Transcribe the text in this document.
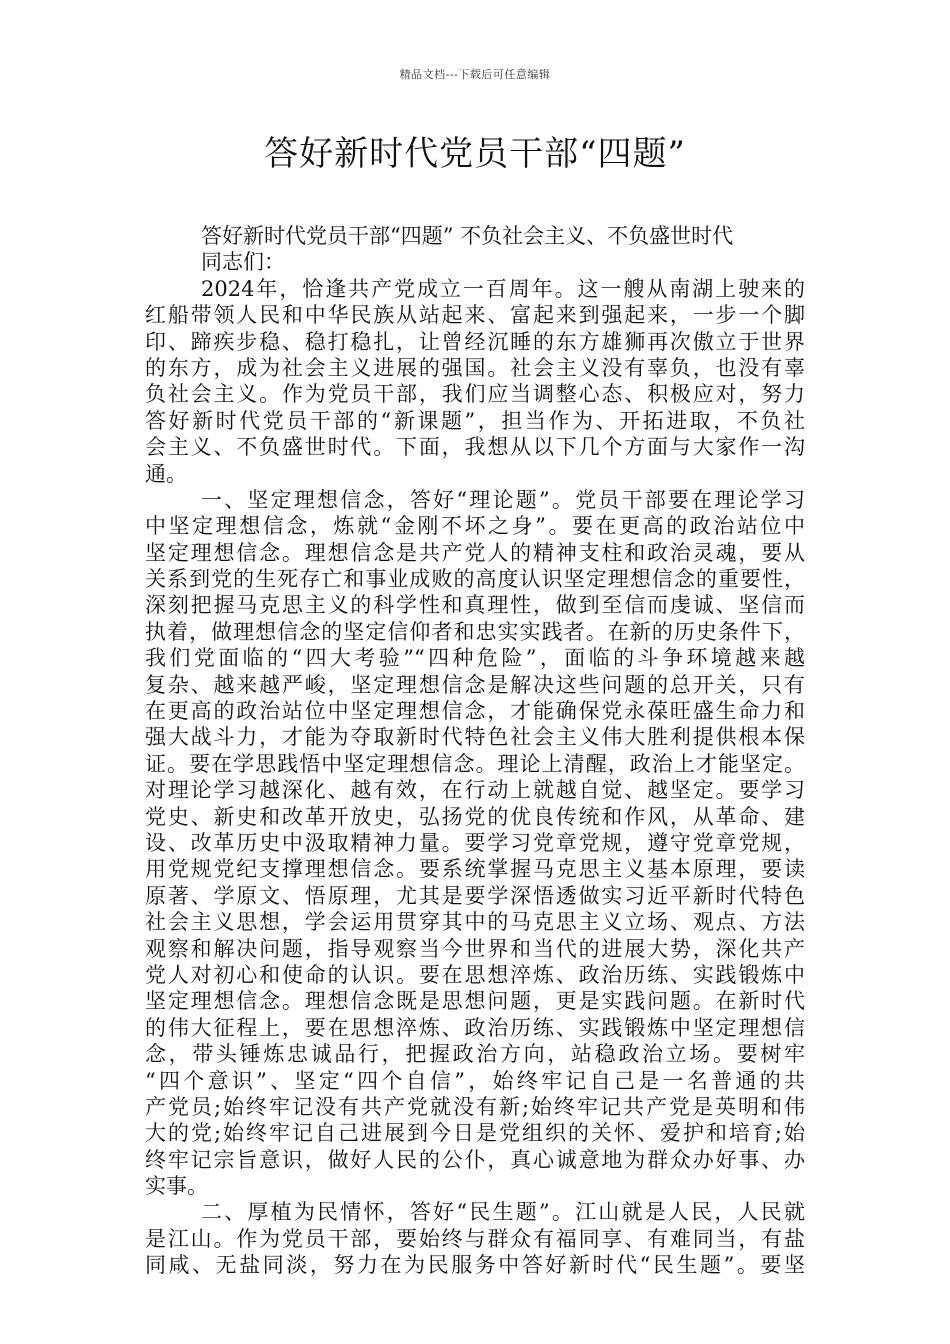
精品文档---下载后可任意编辑
答好新时代党员干部“四题”
答好新时代党员干部“四题” 不负社会主义、不负盛世时代
同志们：
2024年，恰逢共产党成立一百周年。这一艘从南湖上驶来的
红船带领人民和中华民族从站起来、富起来到强起来，一步一个脚
印、蹄疾步稳、稳打稳扎，让曾经沉睡的东方雄狮再次傲立于世界
的东方，成为社会主义进展的强国。社会主义没有辜负，也没有辜
负社会主义。作为党员干部，我们应当调整心态、积极应对，努力
答好新时代党员干部的“新课题”，担当作为、开拓进取，不负社
会主义、不负盛世时代。下面，我想从以下几个方面与大家作一沟
通。
一、坚定理想信念，答好“理论题”。党员干部要在理论学习
中坚定理想信念，炼就“金刚不坏之身”。要在更高的政治站位中
坚定理想信念。理想信念是共产党人的精神支柱和政治灵魂，要从
关系到党的生死存亡和事业成败的高度认识坚定理想信念的重要性，
深刻把握马克思主义的科学性和真理性，做到至信而虔诚、坚信而
执着，做理想信念的坚定信仰者和忠实实践者。在新的历史条件下，
我们党面临的“四大考验”“四种危险”，面临的斗争环境越来越
复杂、越来越严峻，坚定理想信念是解决这些问题的总开关，只有
在更高的政治站位中坚定理想信念，才能确保党永葆旺盛生命力和
强大战斗力，才能为夺取新时代特色社会主义伟大胜利提供根本保
证。要在学思践悟中坚定理想信念。理论上清醒，政治上才能坚定。
对理论学习越深化、越有效，在行动上就越自觉、越坚定。要学习
党史、新史和改革开放史，弘扬党的优良传统和作风，从革命、建
设、改革历史中汲取精神力量。要学习党章党规，遵守党章党规，
用党规党纪支撑理想信念。要系统掌握马克思主义基本原理，要读
原著、学原文、悟原理，尤其是要学深悟透做实习近平新时代特色
社会主义思想，学会运用贯穿其中的马克思主义立场、观点、方法
观察和解决问题，指导观察当今世界和当代的进展大势，深化共产
党人对初心和使命的认识。要在思想淬炼、政治历练、实践锻炼中
坚定理想信念。理想信念既是思想问题，更是实践问题。在新时代
的伟大征程上，要在思想淬炼、政治历练、实践锻炼中坚定理想信
念，带头锤炼忠诚品行，把握政治方向，站稳政治立场。要树牢
“四个意识”、坚定“四个自信”，始终牢记自己是一名普通的共
产党员;始终牢记没有共产党就没有新;始终牢记共产党是英明和伟
大的党;始终牢记自己进展到今日是党组织的关怀、爱护和培育;始
终牢记宗旨意识，做好人民的公仆，真心诚意地为群众办好事、办
实事。
二、厚植为民情怀，答好“民生题”。江山就是人民，人民就
是江山。作为党员干部，要始终与群众有福同享、有难同当，有盐
同咸、无盐同淡，努力在为民服务中答好新时代“民生题”。要坚
